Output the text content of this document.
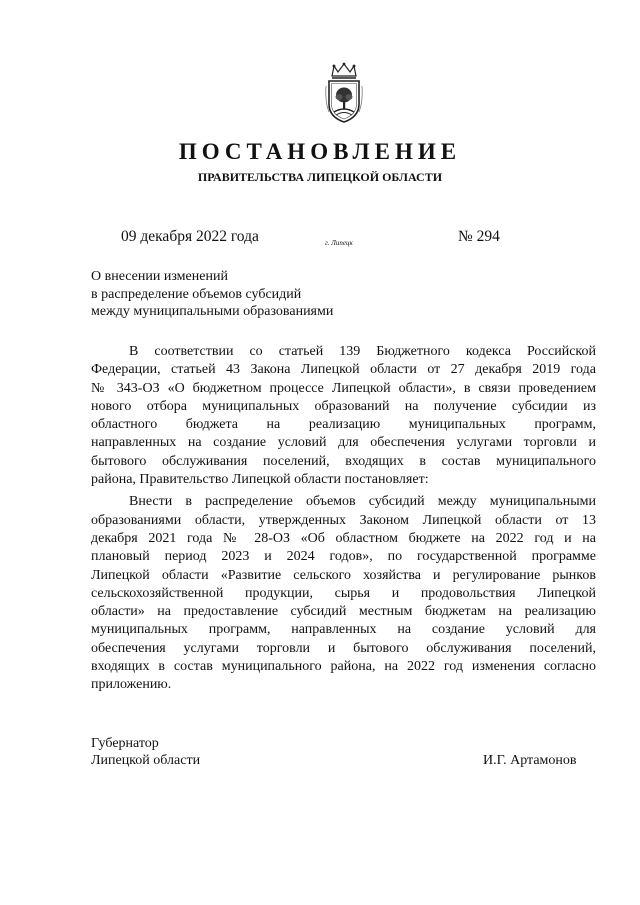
ПОСТАНОВЛЕНИЕ
ПРАВИТЕЛЬСТВА ЛИПЕЦКОЙ ОБЛАСТИ
09 декабря 2022 года	г. Липецк	№ 294
О внесении изменений
в распределение объемов субсидий
между муниципальными образованиями
В соответствии со статьей 139 Бюджетного кодекса Российской
Федерации, статьей 43 Закона Липецкой области от 27 декабря 2019 года
№ 343-ОЗ «О бюджетном процессе Липецкой области», в связи проведением
нового отбора муниципальных образований на получение субсидии из
областного бюджета на реализацию муниципальных программ,
направленных на создание условий для обеспечения услугами торговли и
бытового обслуживания поселений, входящих в состав муниципального
района, Правительство Липецкой области постановляет:
Внести в распределение объемов субсидий между муниципальными
образованиями области, утвержденных Законом Липецкой области от 13
декабря 2021 года № 28-ОЗ «Об областном бюджете на 2022 год и на
плановый период 2023 и 2024 годов», по государственной программе
Липецкой области «Развитие сельского хозяйства и регулирование рынков
сельскохозяйственной продукции, сырья и продовольствия Липецкой
области» на предоставление субсидий местным бюджетам на реализацию
муниципальных программ, направленных на создание условий для
обеспечения услугами торговли и бытового обслуживания поселений,
входящих в состав муниципального района, на 2022 год изменения согласно
приложению.
Губернатор
Липецкой области	И.Г. Артамонов
